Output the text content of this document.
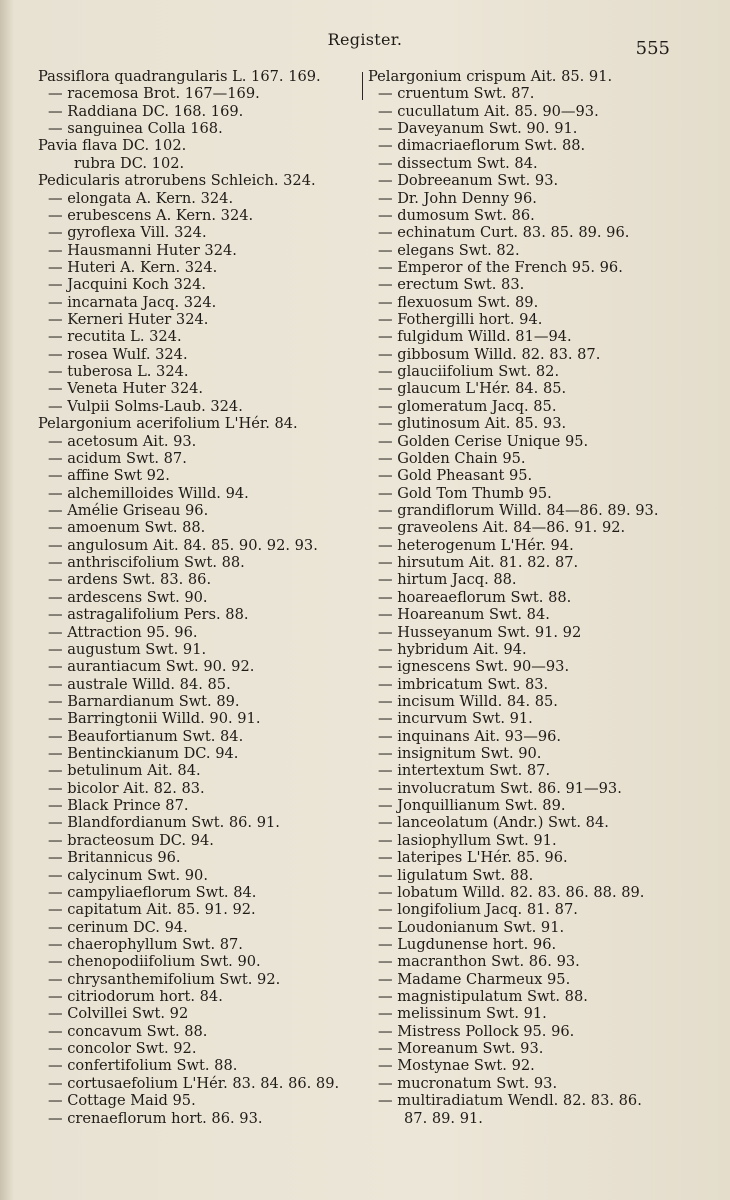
Register.	555
Passiflora quadrangularis L. 167. 169.
— racemosa Brot. 167—169.
— Raddiana DC. 168. 169.
— sanguinea Colla 168.
Pavia flava DC. 102.
rubra DC. 102.
Pedicularis atrorubens Schleich. 324.
— elongata A. Kern. 324.
— erubescens A. Kern. 324.
— gyroflexa Vill. 324.
— Hausmanni Huter 324.
— Huteri A. Kern. 324.
— Jacquini Koch 324.
— incarnata Jacq. 324.
— Kerneri Huter 324.
— recutita L. 324.
— rosea Wulf. 324.
— tuberosa L. 324.
— Veneta Huter 324.
— Vulpii Solms-Laub. 324.
Pelargonium acerifolium L'Hér. 84.
— acetosum Ait. 93.
— acidum Swt. 87.
— affine Swt 92.
— alchemilloides Willd. 94.
— Amélie Griseau 96.
— amoenum Swt. 88.
— angulosum Ait. 84. 85. 90. 92. 93.
— anthriscifolium Swt. 88.
— ardens Swt. 83. 86.
— ardescens Swt. 90.
— astragalifolium Pers. 88.
— Attraction 95. 96.
— augustum Swt. 91.
— aurantiacum Swt. 90. 92.
— australe Willd. 84. 85.
— Barnardianum Swt. 89.
— Barringtonii Willd. 90. 91.
— Beaufortianum Swt. 84.
— Bentinckianum DC. 94.
— betulinum Ait. 84.
— bicolor Ait. 82. 83.
— Black Prince 87.
— Blandfordianum Swt. 86. 91.
— bracteosum DC. 94.
— Britannicus 96.
— calycinum Swt. 90.
— campyliaeflorum Swt. 84.
— capitatum Ait. 85. 91. 92.
— cerinum DC. 94.
— chaerophyllum Swt. 87.
— chenopodiifolium Swt. 90.
— chrysanthemifolium Swt. 92.
— citriodorum hort. 84.
— Colvillei Swt. 92
— concavum Swt. 88.
— concolor Swt. 92.
— confertifolium Swt. 88.
— cortusaefolium L'Hér. 83. 84. 86. 89.
— Cottage Maid 95.
— crenaeflorum hort. 86. 93.
Pelargonium crispum Ait. 85. 91.
— cruentum Swt. 87.
— cucullatum Ait. 85. 90—93.
— Daveyanum Swt. 90. 91.
— dimacriaeflorum Swt. 88.
— dissectum Swt. 84.
— Dobreeanum Swt. 93.
— Dr. John Denny 96.
— dumosum Swt. 86.
— echinatum Curt. 83. 85. 89. 96.
— elegans Swt. 82.
— Emperor of the French 95. 96.
— erectum Swt. 83.
— flexuosum Swt. 89.
— Fothergilli hort. 94.
— fulgidum Willd. 81—94.
— gibbosum Willd. 82. 83. 87.
— glauciifolium Swt. 82.
— glaucum L'Hér. 84. 85.
— glomeratum Jacq. 85.
— glutinosum Ait. 85. 93.
— Golden Cerise Unique 95.
— Golden Chain 95.
— Gold Pheasant 95.
— Gold Tom Thumb 95.
— grandiflorum Willd. 84—86. 89. 93.
— graveolens Ait. 84—86. 91. 92.
— heterogenum L'Hér. 94.
— hirsutum Ait. 81. 82. 87.
— hirtum Jacq. 88.
— hoareaeflorum Swt. 88.
— Hoareanum Swt. 84.
— Husseyanum Swt. 91. 92
— hybridum Ait. 94.
— ignescens Swt. 90—93.
— imbricatum Swt. 83.
— incisum Willd. 84. 85.
— incurvum Swt. 91.
— inquinans Ait. 93—96.
— insignitum Swt. 90.
— intertextum Swt. 87.
— involucratum Swt. 86. 91—93.
— Jonquillianum Swt. 89.
— lanceolatum (Andr.) Swt. 84.
— lasiophyllum Swt. 91.
— lateripes L'Hér. 85. 96.
— ligulatum Swt. 88.
— lobatum Willd. 82. 83. 86. 88. 89.
— longifolium Jacq. 81. 87.
— Loudonianum Swt. 91.
— Lugdunense hort. 96.
— macranthon Swt. 86. 93.
— Madame Charmeux 95.
— magnistipulatum Swt. 88.
— melissinum Swt. 91.
— Mistress Pollock 95. 96.
— Moreanum Swt. 93.
— Mostynae Swt. 92.
— mucronatum Swt. 93.
— multiradiatum Wendl. 82. 83. 86.
87. 89. 91.
